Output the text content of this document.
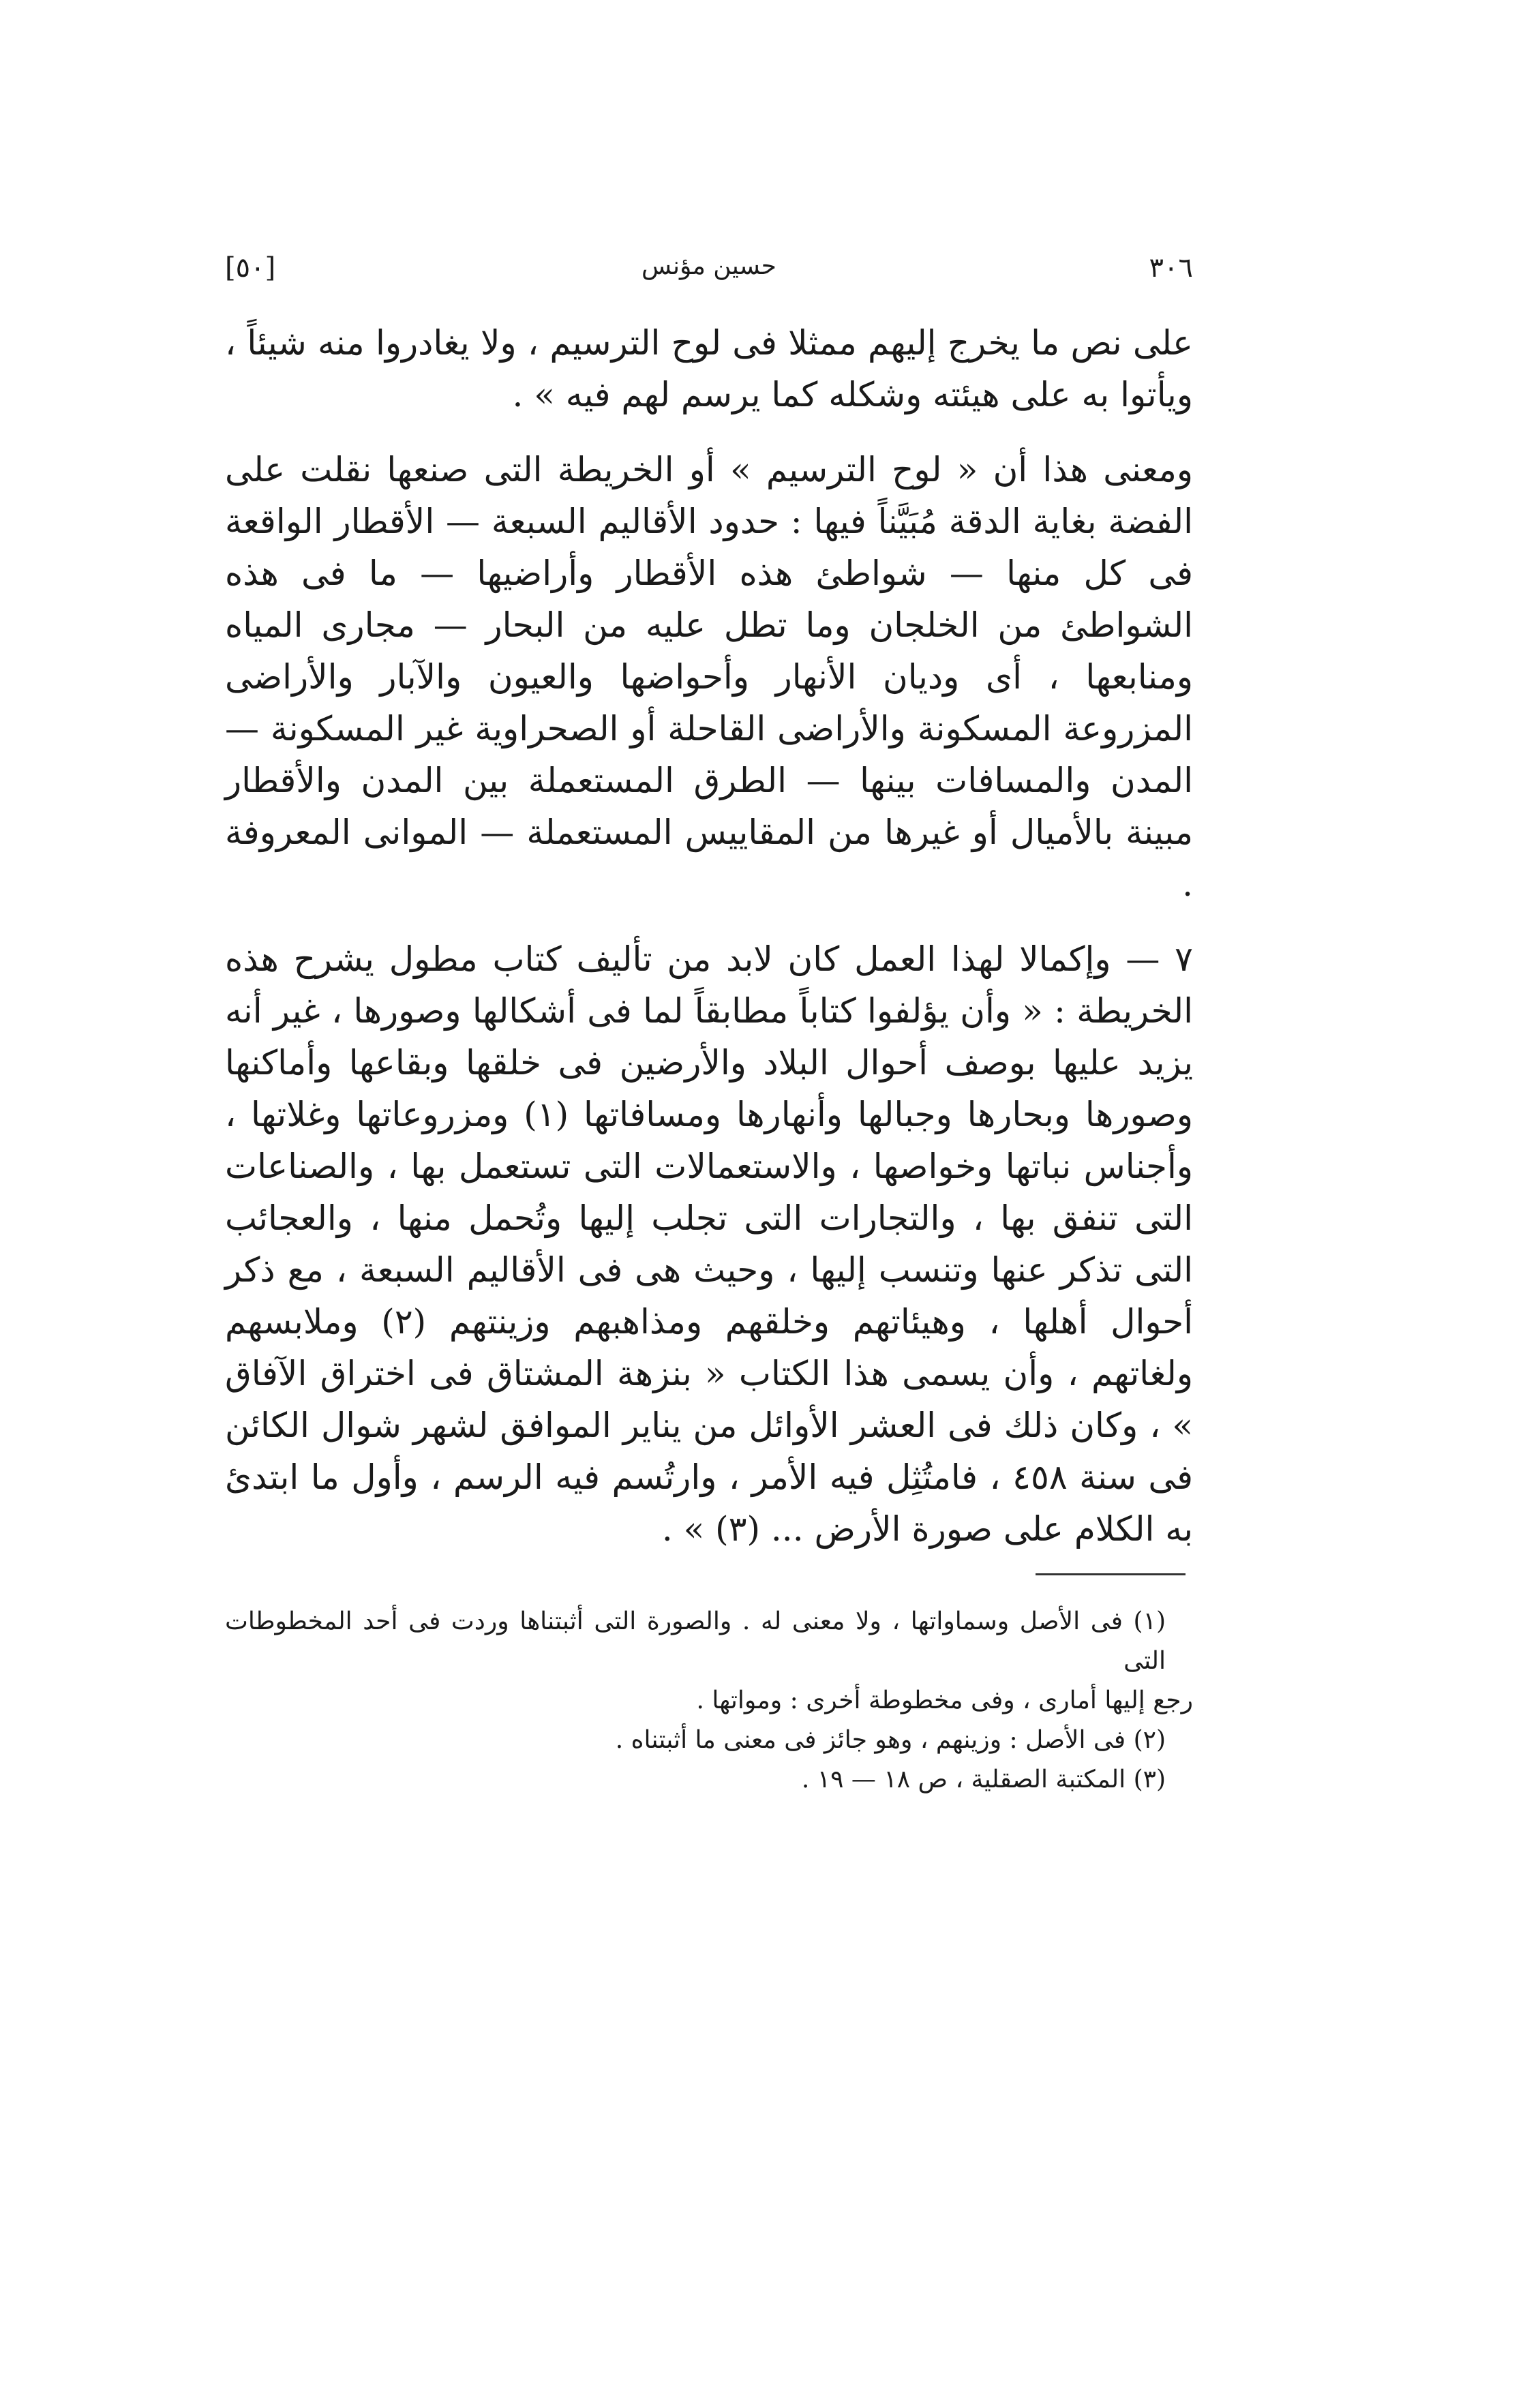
٣٠٦
حسين مؤنس
[٥٠]

على نص ما يخرج إليهم ممثلا فى لوح الترسيم ، ولا يغادروا منه شيئاً ، ويأتوا به على هيئته وشكله كما يرسم لهم فيه » .

ومعنى هذا أن « لوح الترسيم » أو الخريطة التى صنعها نقلت على الفضة بغاية الدقة مُبَيَّناً فيها : حدود الأقاليم السبعة — الأقطار الواقعة فى كل منها — شواطئ هذه الأقطار وأراضيها — ما فى هذه الشواطئ من الخلجان وما تطل عليه من البحار — مجارى المياه ومنابعها ، أى وديان الأنهار وأحواضها والعيون والآبار والأراضى المزروعة المسكونة والأراضى القاحلة أو الصحراوية غير المسكونة — المدن والمسافات بينها — الطرق المستعملة بين المدن والأقطار مبينة بالأميال أو غيرها من المقاييس المستعملة — الموانى المعروفة .

٧ — وإكمالا لهذا العمل كان لابد من تأليف كتاب مطول يشرح هذه الخريطة : « وأن يؤلفوا كتاباً مطابقاً لما فى أشكالها وصورها ، غير أنه يزيد عليها بوصف أحوال البلاد والأرضين فى خلقها وبقاعها وأماكنها وصورها وبحارها وجبالها وأنهارها ومسافاتها (١) ومزروعاتها وغلاتها ، وأجناس نباتها وخواصها ، والاستعمالات التى تستعمل بها ، والصناعات التى تنفق بها ، والتجارات التى تجلب إليها وتُحمل منها ، والعجائب التى تذكر عنها وتنسب إليها ، وحيث هى فى الأقاليم السبعة ، مع ذكر أحوال أهلها ، وهيئاتهم وخلقهم ومذاهبهم وزينتهم (٢) وملابسهم ولغاتهم ، وأن يسمى هذا الكتاب « بنزهة المشتاق فى اختراق الآفاق » ، وكان ذلك فى العشر الأوائل من يناير الموافق لشهر شوال الكائن فى سنة ٤٥٨ ، فامتُثِل فيه الأمر ، وارتُسم فيه الرسم ، وأول ما ابتدئ به الكلام على صورة الأرض ... (٣) » .

(١) فى الأصل وسماواتها ، ولا معنى له . والصورة التى أثبتناها وردت فى أحد المخطوطات التى

رجع إليها أمارى ، وفى مخطوطة أخرى : ومواتها .

(٢) فى الأصل : وزينهم ، وهو جائز فى معنى ما أثبتناه .

(٣) المكتبة الصقلية ، ص ١٨ — ١٩ .
